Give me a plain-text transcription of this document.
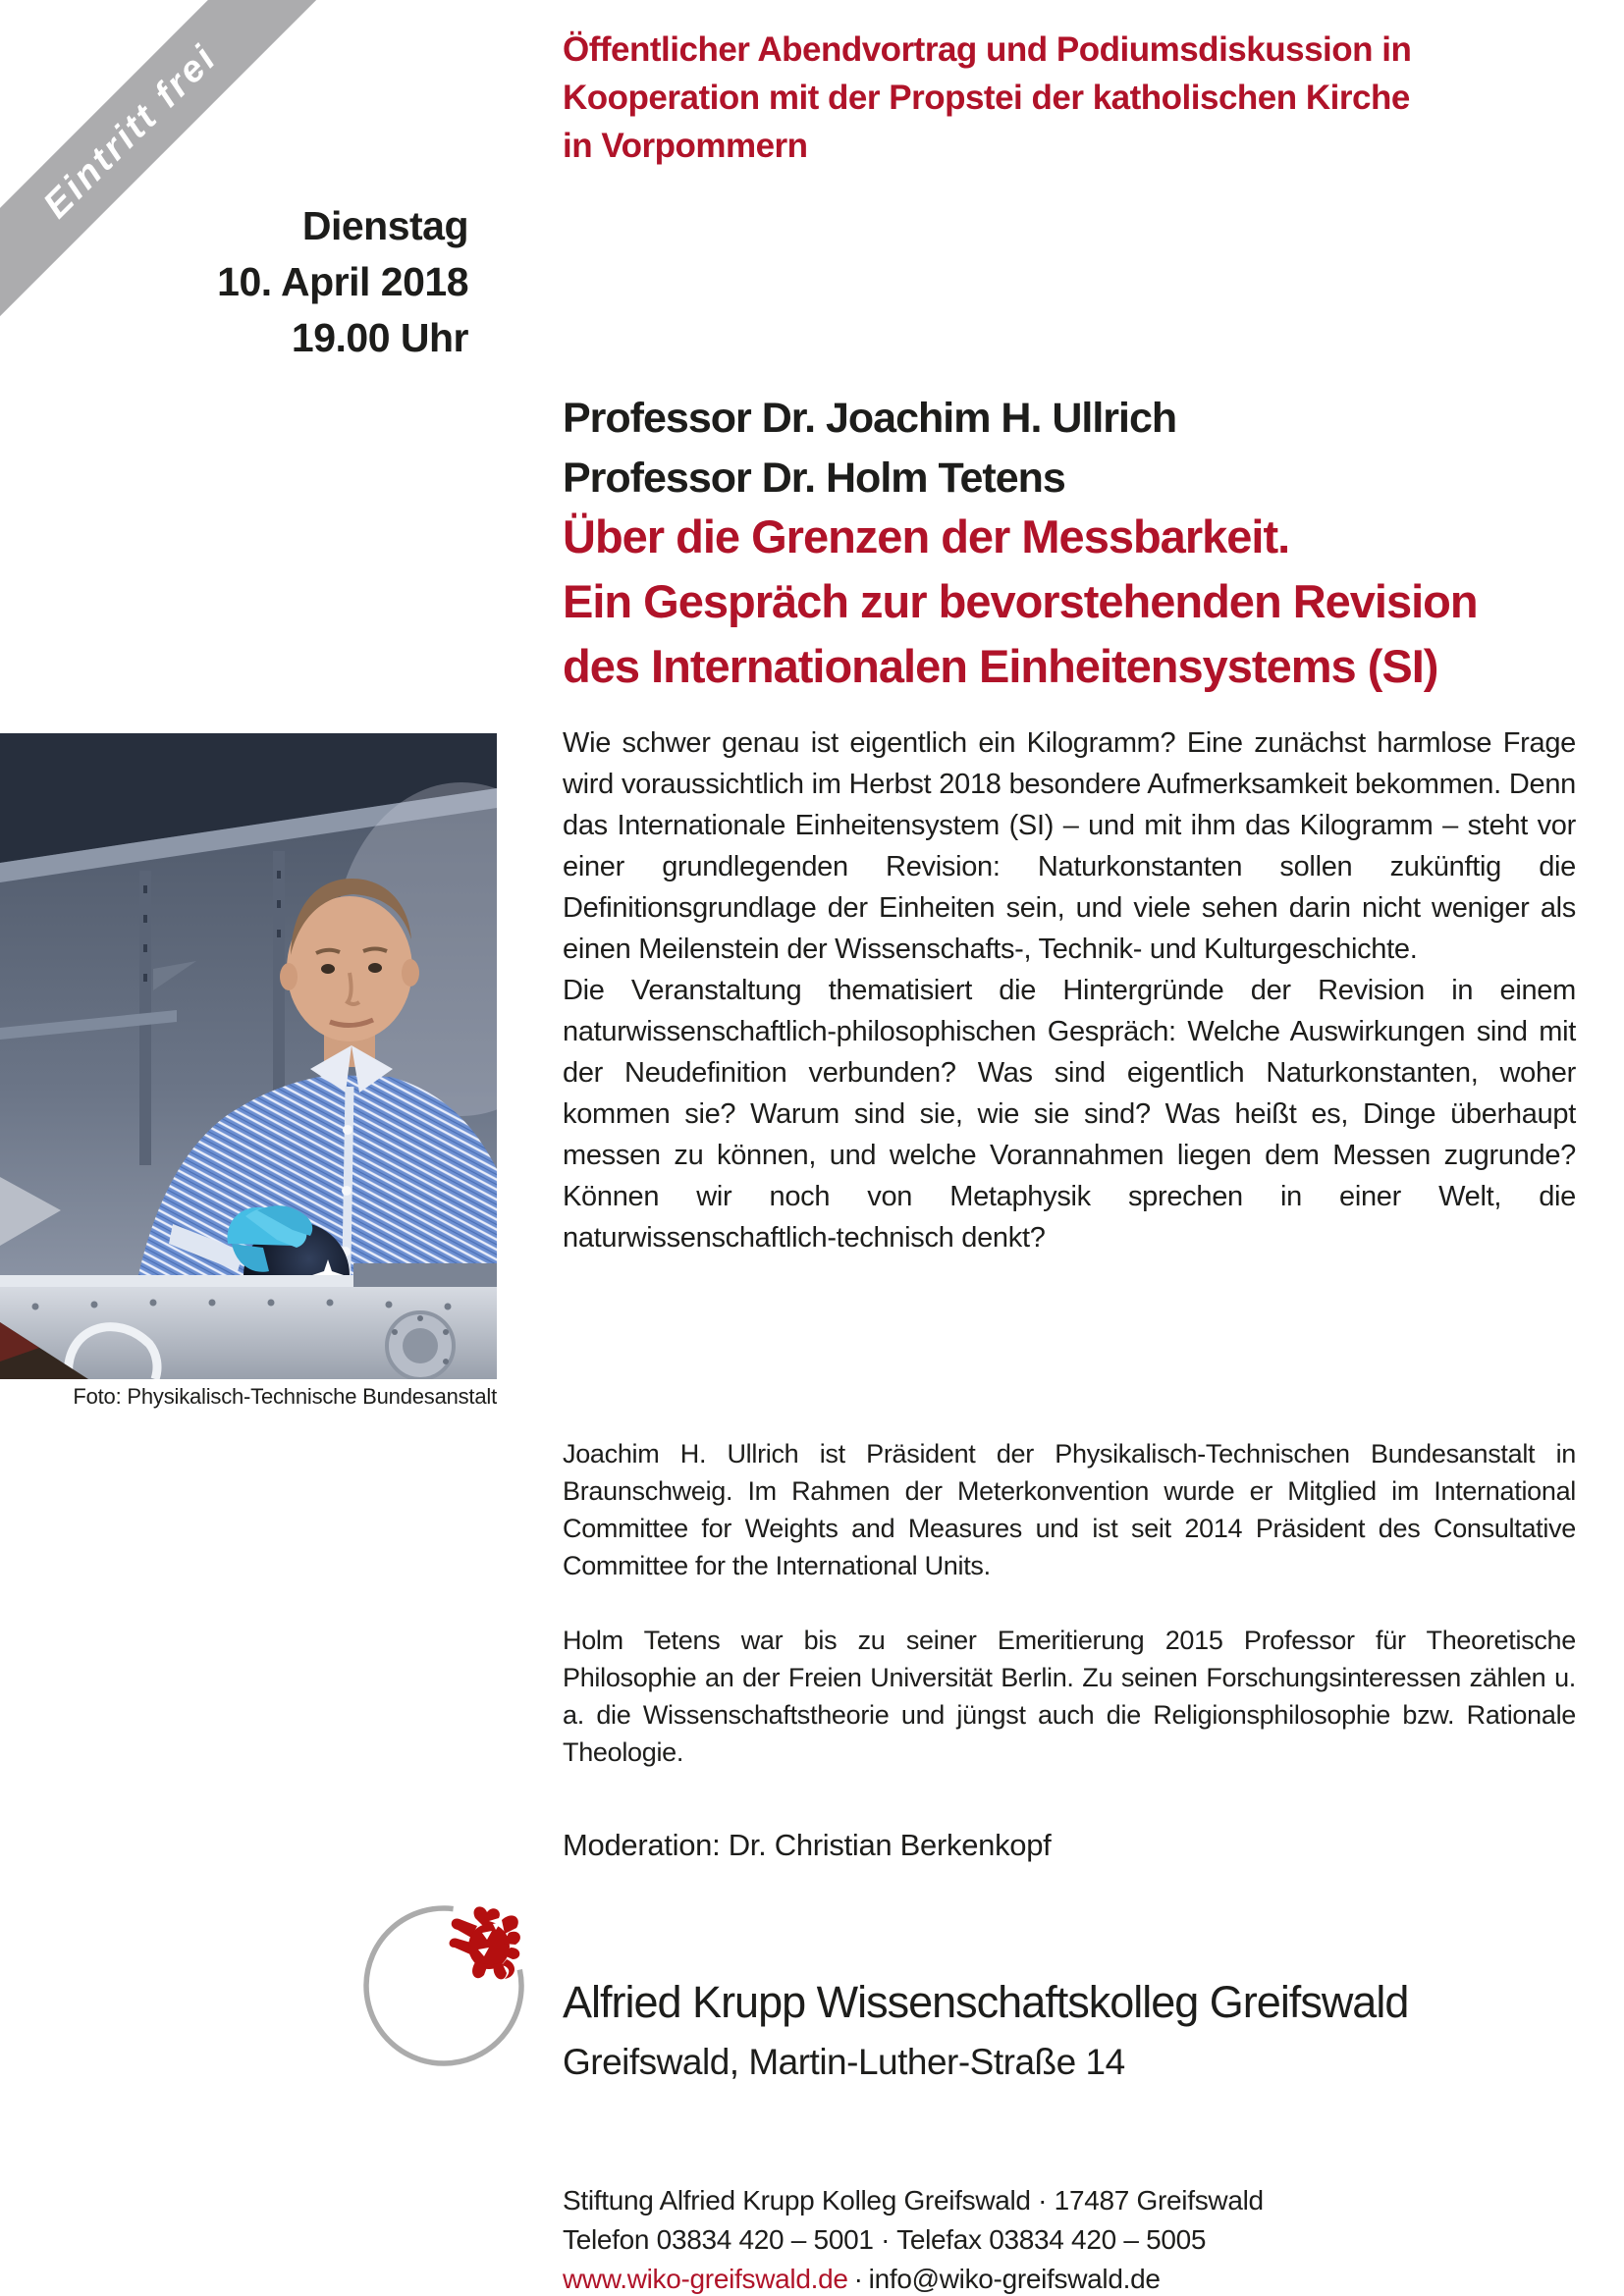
Eintritt frei	Öffentlicher Abendvortrag und Podiumsdiskussion in
Kooperation mit der Propstei der katholischen Kirche
in Vorpommern
Dienstag
10. April 2018
19.00 Uhr
Professor Dr. Joachim H. Ullrich
Professor Dr. Holm Tetens
Über die Grenzen der Messbarkeit.
Ein Gespräch zur bevorstehenden Revision
des Internationalen Einheitensystems (SI)

Wie schwer genau ist eigentlich ein Kilogramm? Eine zunächst harmlose Frage wird voraussichtlich im Herbst 2018 besondere Aufmerksamkeit bekommen. Denn das Internationale Einheitensystem (SI) – und mit ihm das Kilogramm – steht vor einer grundlegenden Revision: Naturkonstanten sollen zukünftig die Definitionsgrundlage der Einheiten sein, und viele sehen darin nicht weniger als einen Meilenstein der Wissenschafts-, Technik- und Kulturgeschichte.

Die Veranstaltung thematisiert die Hintergründe der Revision in einem naturwissenschaftlich-philosophischen Gespräch: Welche Auswirkungen sind mit der Neudefinition verbunden? Was sind eigentlich Naturkonstanten, woher kommen sie? Warum sind sie, wie sie sind? Was heißt es, Dinge überhaupt messen zu können, und welche Vorannahmen liegen dem Messen zugrunde? Können wir noch von Metaphysik sprechen in einer Welt, die naturwissenschaftlich-technisch denkt?

Foto: Physikalisch-Technische Bundesanstalt
Joachim H. Ullrich ist Präsident der Physikalisch-Technischen Bundesanstalt in Braunschweig. Im Rahmen der Meterkonvention wurde er Mitglied im International Committee for Weights and Measures und ist seit 2014 Präsident des Consultative Committee for the International Units.
Holm Tetens war bis zu seiner Emeritierung 2015 Professor für Theoretische Philosophie an der Freien Universität Berlin. Zu seinen Forschungsinteressen zählen u. a. die Wissenschaftstheorie und jüngst auch die Religionsphilosophie bzw. Rationale Theologie.
Moderation: Dr. Christian Berkenkopf
Alfried Krupp Wissenschaftskolleg Greifswald
Greifswald, Martin-Luther-Straße 14
Stiftung Alfried Krupp Kolleg Greifswald · 17487 Greifswald
Telefon 03834 420 – 5001 · Telefax 03834 420 – 5005
www.wiko-greifswald.de · info@wiko-greifswald.de
